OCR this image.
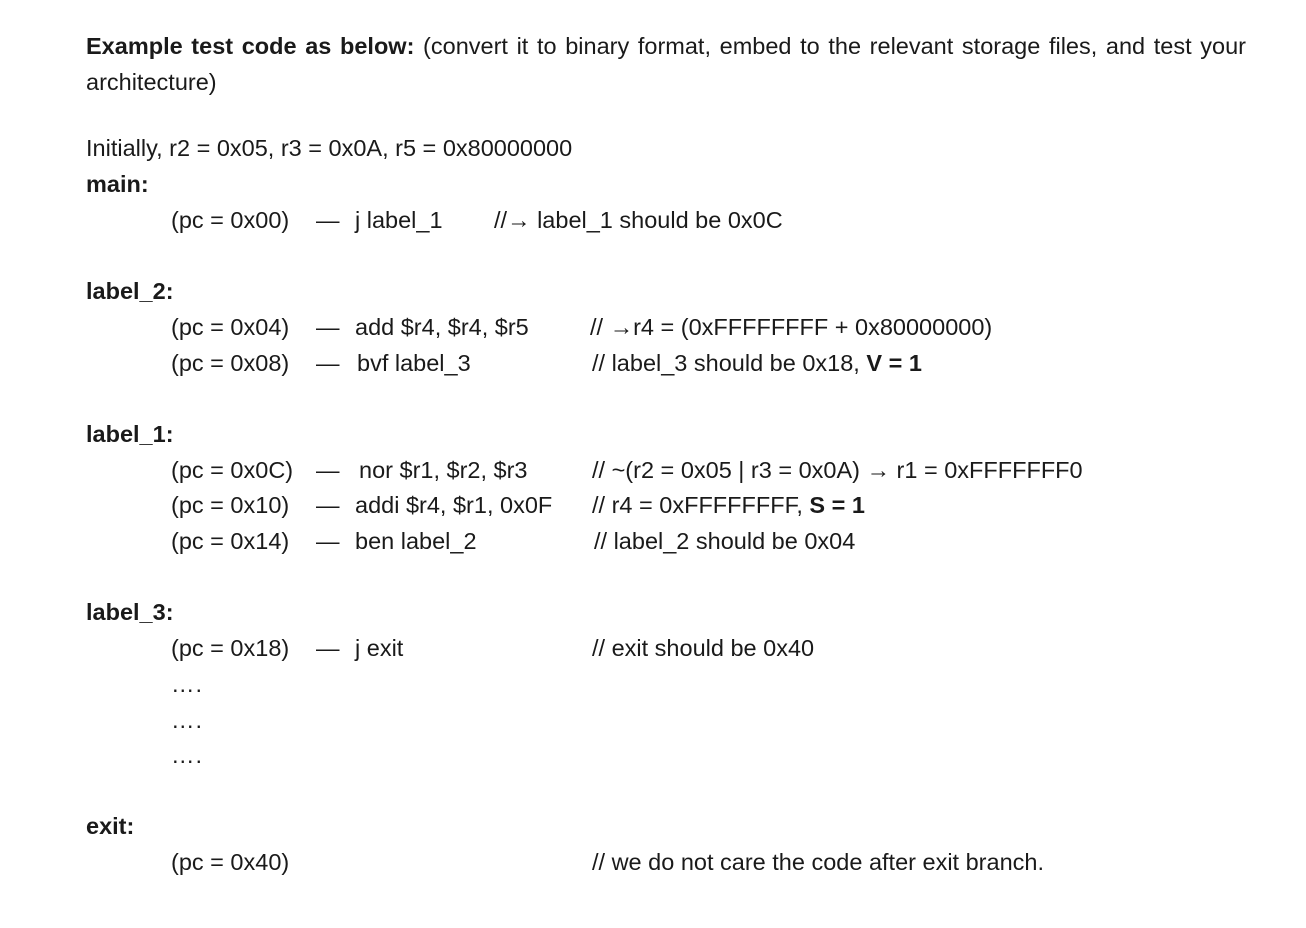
Example test code as below: (convert it to binary format, embed to the relevant storage files, and test your architecture)
Initially, r2 = 0x05, r3 = 0x0A, r5 = 0x80000000
main:
(pc = 0x00) — j label_1 //→ label_1 should be 0x0C
label_2:
(pc = 0x04) — add $r4, $r4, $r5	// →r4 = (0xFFFFFFFF + 0x80000000)
(pc = 0x08) — bvf label_3	// label_3 should be 0x18, V = 1
label_1:
(pc = 0x0C) — nor $r1, $r2, $r3	// ~(r2 = 0x05 | r3 = 0x0A) → r1 = 0xFFFFFFF0
(pc = 0x10) — addi $r4, $r1, 0x0F // r4 = 0xFFFFFFFF, S = 1
(pc = 0x14) — ben label_2	// label_2 should be 0x04
label_3:
(pc = 0x18) — j exit	// exit should be 0x40
….
….
….
exit:
(pc = 0x40)	// we do not care the code after exit branch.
